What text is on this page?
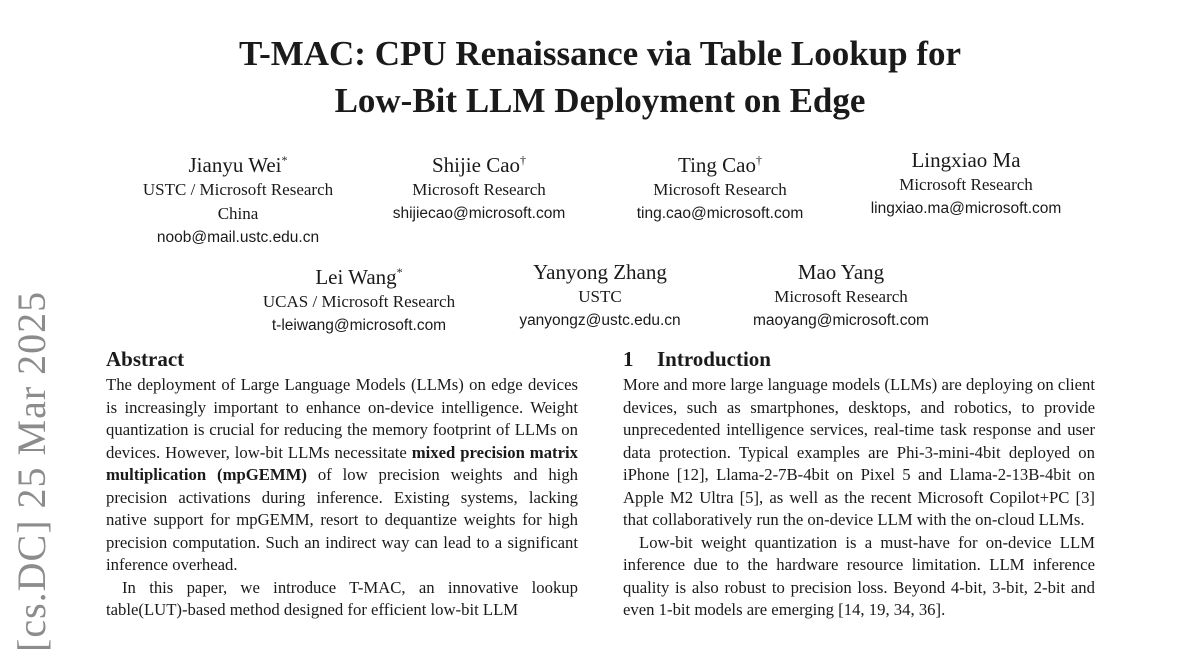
T-MAC: CPU Renaissance via Table Lookup for
Low-Bit LLM Deployment on Edge
Jianyu Wei*
USTC / Microsoft Research
China
noob@mail.ustc.edu.cn
Shijie Cao†
Microsoft Research
shijiecao@microsoft.com
Ting Cao†
Microsoft Research
ting.cao@microsoft.com
Lingxiao Ma
Microsoft Research
lingxiao.ma@microsoft.com
Lei Wang*
UCAS / Microsoft Research
t-leiwang@microsoft.com
Yanyong Zhang
USTC
yanyongz@ustc.edu.cn
Mao Yang
Microsoft Research
maoyang@microsoft.com
[cs.DC] 25 Mar 2025 Abstract

The deployment of Large Language Models (LLMs) on edge devices is increasingly important to enhance on-device intelligence. Weight quantization is crucial for reducing the memory footprint of LLMs on devices. However, low-bit LLMs necessitate mixed precision matrix multiplication (mpGEMM) of low precision weights and high precision activations during inference. Existing systems, lacking native support for mpGEMM, resort to dequantize weights for high precision computation. Such an indirect way can lead to a significant inference overhead.

In this paper, we introduce T-MAC, an innovative lookup table(LUT)-based method designed for efficient low-bit LLM

1 Introduction

More and more large language models (LLMs) are deploying on client devices, such as smartphones, desktops, and robotics, to provide unprecedented intelligence services, real-time task response and user data protection. Typical examples are Phi-3-mini-4bit deployed on iPhone [12], Llama-2-7B-4bit on Pixel 5 and Llama-2-13B-4bit on Apple M2 Ultra [5], as well as the recent Microsoft Copilot+PC [3] that collaboratively run the on-device LLM with the on-cloud LLMs.

Low-bit weight quantization is a must-have for on-device LLM inference due to the hardware resource limitation. LLM inference quality is also robust to precision loss. Beyond 4-bit, 3-bit, 2-bit and even 1-bit models are emerging [14, 19, 34, 36].
